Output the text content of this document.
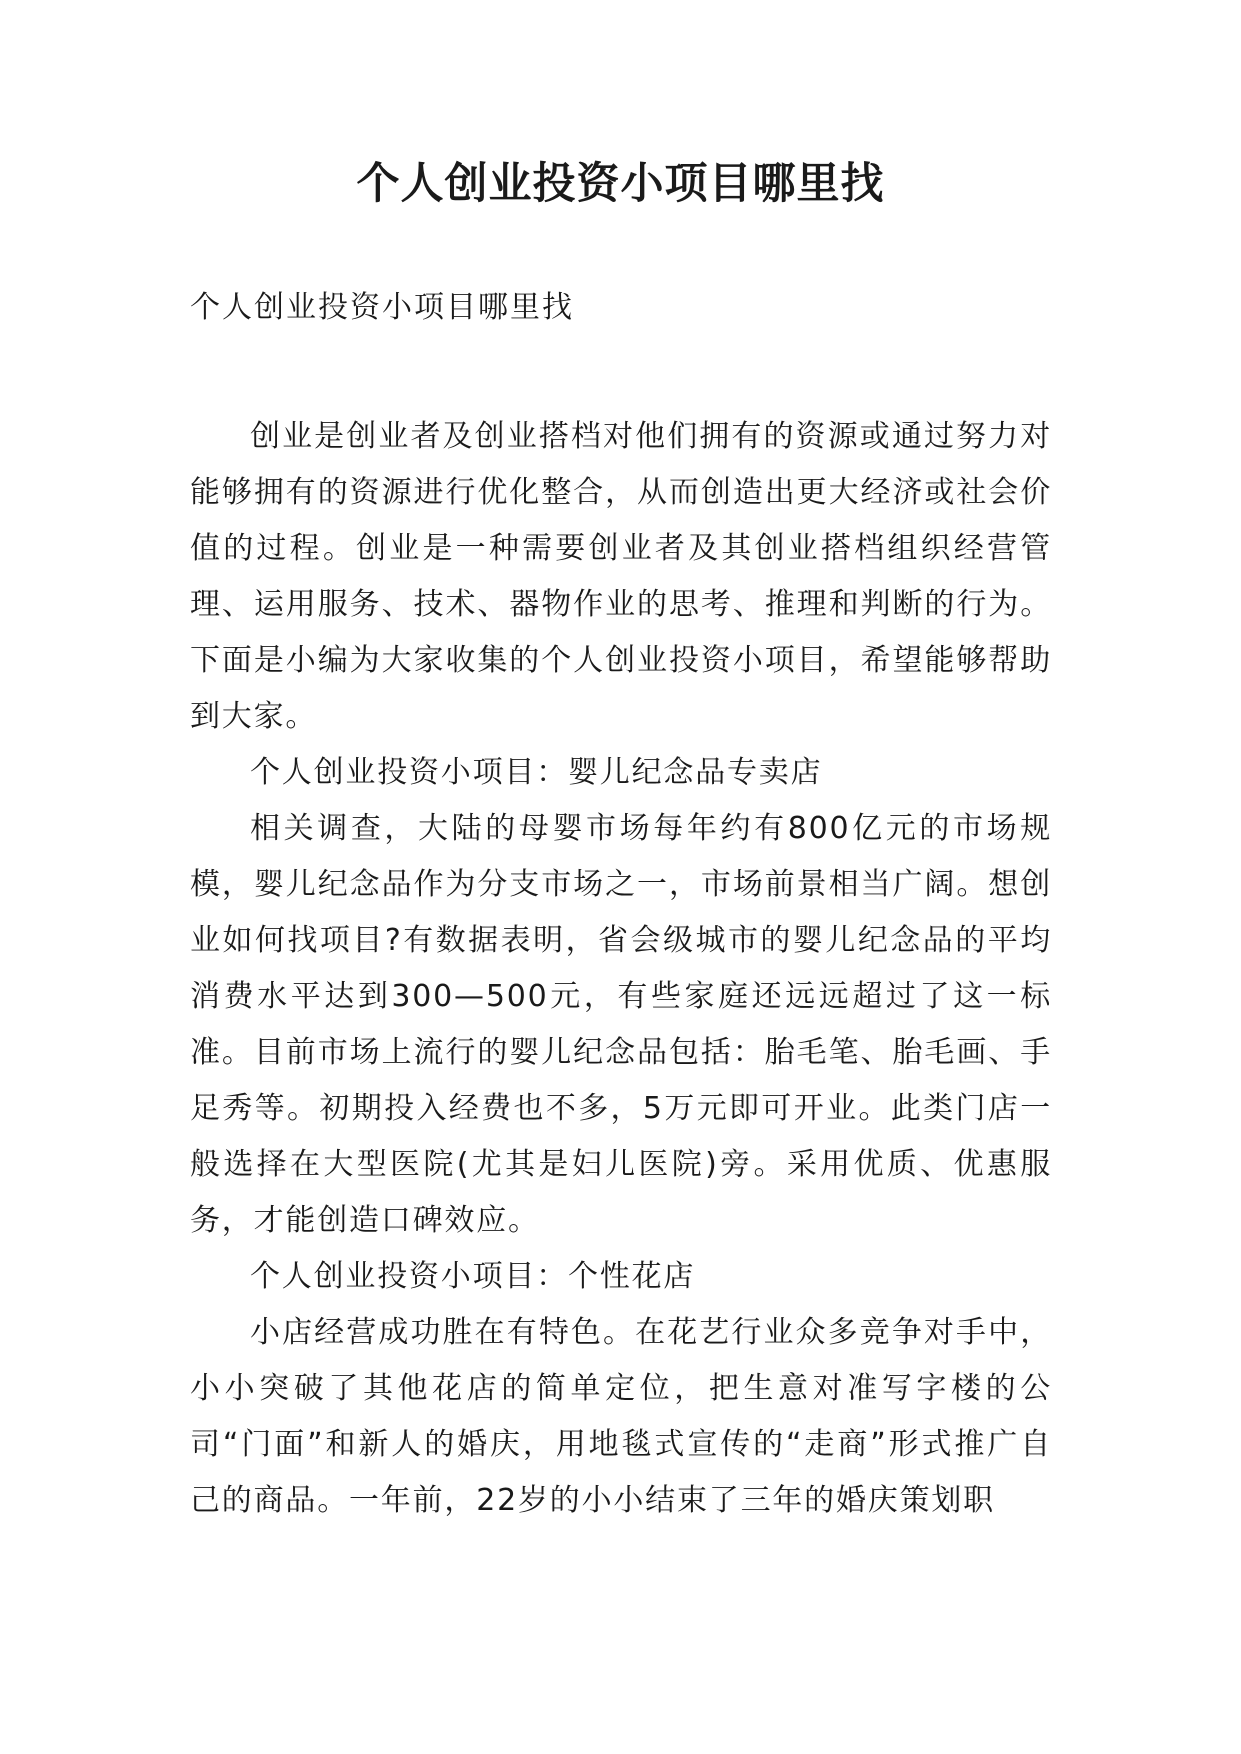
个人创业投资小项目哪里找
个人创业投资小项目哪里找

创业是创业者及创业搭档对他们拥有的资源或通过努力对能够拥有的资源进行优化整合，从而创造出更大经济或社会价值的过程。创业是一种需要创业者及其创业搭档组织经营管理、运用服务、技术、器物作业的思考、推理和判断的行为。下面是小编为大家收集的个人创业投资小项目，希望能够帮助到大家。

个人创业投资小项目：婴儿纪念品专卖店

相关调查，大陆的母婴市场每年约有800亿元的市场规模，婴儿纪念品作为分支市场之一，市场前景相当广阔。想创业如何找项目?有数据表明，省会级城市的婴儿纪念品的平均消费水平达到300—500元，有些家庭还远远超过了这一标准。目前市场上流行的婴儿纪念品包括：胎毛笔、胎毛画、手足秀等。初期投入经费也不多，5万元即可开业。此类门店一般选择在大型医院(尤其是妇儿医院)旁。采用优质、优惠服务，才能创造口碑效应。

个人创业投资小项目：个性花店

小店经营成功胜在有特色。在花艺行业众多竞争对手中，小小突破了其他花店的简单定位，把生意对准写字楼的公司“门面”和新人的婚庆，用地毯式宣传的“走商”形式推广自己的商品。一年前，22岁的小小结束了三年的婚庆策划职
